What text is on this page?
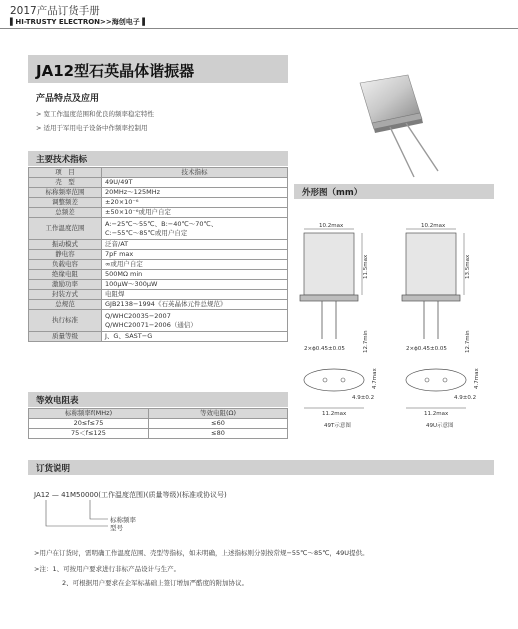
2017产品订货手册
▌HI-TRUSTY ELECTRON>>海创电子 ▌
JA12型石英晶体谐振器
产品特点及应用
> 宽工作温度范围和优良的频率稳定特性
> 适用于军用电子设备中作频率控制用
主要技术指标
项　目	技术指标
壳　型	49U/49T
标称频率范围	20MHz～125MHz
调整频差	±20×10⁻⁶
总频差	±50×10⁻⁶或用户自定
工作温度范围	A:−25℃～55℃、B:−40℃～70℃、
C:−55℃～85℃或用户自定

振动模式	泛音/AT
静电容	7pF max
负载电容	∞或用户自定
绝缘电阻	500MΩ min
激励功率	100μW～300μW
封装方式	电阻焊
总规范	GJB2138−1994《石英晶体元件总规范》
执行标准	Q/WHC20035−2007
Q/WHC20071−2006（通信）

质量等级	J、G、SAST−G
等效电阻表
标称频率f(MHz)	等效电阻(Ω)
20≤f≤75	≤60
75＜f≤125	≤80
外形图（mm）
10.2max
11.5max
12.7min
2×ϕ0.45±0.05
4.9±0.2
4.7max
11.2max
49T示意图
10.2max
13.5max
12.7min
2×ϕ0.45±0.05
4.9±0.2
4.7max
11.2max
49U示意图
订货说明
JA12 — 41M50000(工作温度范围)(质量等级)(标准或协议号)
标称频率
型号
>用户在订货时，需明确工作温度范围、壳型等指标，如未明确，上述指标则分别按常规−55℃～85℃，49U提供。
>注：1、可按用户要求进行非标产品设计与生产。
2、可根据用户要求在企军标基础上签订增加严酷度的附加协议。
